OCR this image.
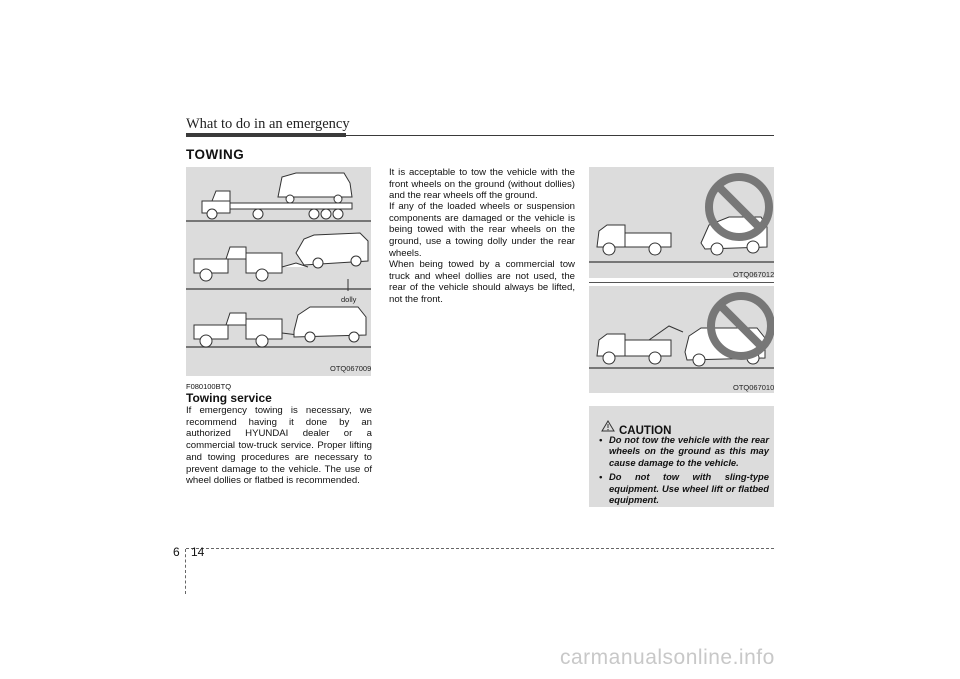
What to do in an emergency
TOWING
dolly
OTQ067009
F080100BTQ
Towing service

If emergency towing is necessary, we recommend having it done by an authorized HYUNDAI dealer or a commercial tow-truck service. Proper lifting and towing procedures are necessary to prevent damage to the vehicle. The use of wheel dollies or flatbed is recommended.

It is acceptable to tow the vehicle with the front wheels on the ground (without dollies) and the rear wheels off the ground.

If any of the loaded wheels or suspension components are damaged or the vehicle is being towed with the rear wheels on the ground, use a towing dolly under the rear wheels.

When being towed by a commercial tow truck and wheel dollies are not used, the rear of the vehicle should always be lifted, not the front.

OTQ067012
OTQ067010
CAUTION
• Do not tow the vehicle with the rear wheels on the ground as this may cause damage to the vehicle.
• Do not tow with sling-type equipment. Use wheel lift or flatbed equipment.
6 14
carmanualsonline.info
